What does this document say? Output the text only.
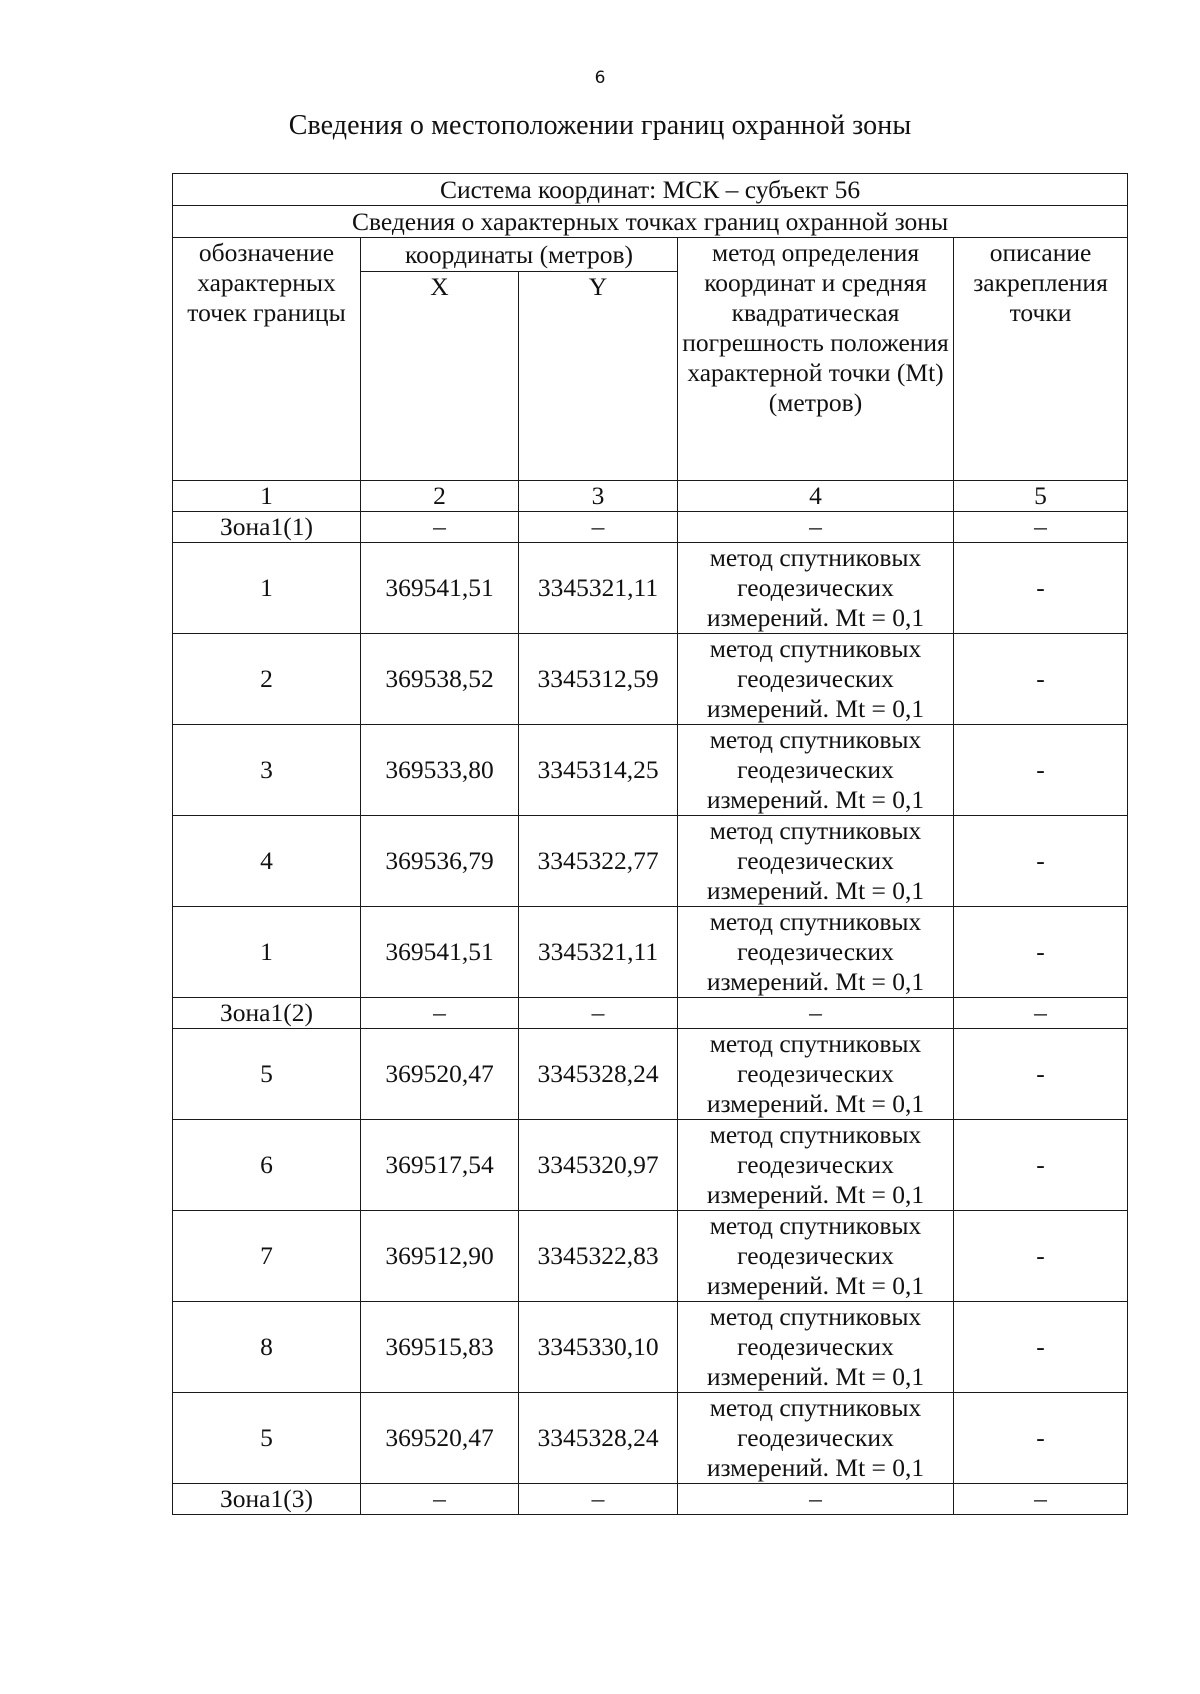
6
Сведения о местоположении границ охранной зоны
Система координат: МСК – субъект 56				
Сведения о характерных точках границ охранной зоны				
обозначение характерных точек границы	координаты (метров)		метод определения координат и средняя квадратическая погрешность положения характерной точки (Mt) (метров)	описание закрепления точки
	X	Y		
1	2	3	4	5
Зона1(1)	–	–	–	–
1	369541,51	3345321,11	метод спутниковых геодезических измерений. Mt = 0,1	-
2	369538,52	3345312,59	метод спутниковых геодезических измерений. Mt = 0,1	-
3	369533,80	3345314,25	метод спутниковых геодезических измерений. Mt = 0,1	-
4	369536,79	3345322,77	метод спутниковых геодезических измерений. Mt = 0,1	-
1	369541,51	3345321,11	метод спутниковых геодезических измерений. Mt = 0,1	-
Зона1(2)	–	–	–	–
5	369520,47	3345328,24	метод спутниковых геодезических измерений. Mt = 0,1	-
6	369517,54	3345320,97	метод спутниковых геодезических измерений. Mt = 0,1	-
7	369512,90	3345322,83	метод спутниковых геодезических измерений. Mt = 0,1	-
8	369515,83	3345330,10	метод спутниковых геодезических измерений. Mt = 0,1	-
5	369520,47	3345328,24	метод спутниковых геодезических измерений. Mt = 0,1	-
Зона1(3)	–	–	–	–
